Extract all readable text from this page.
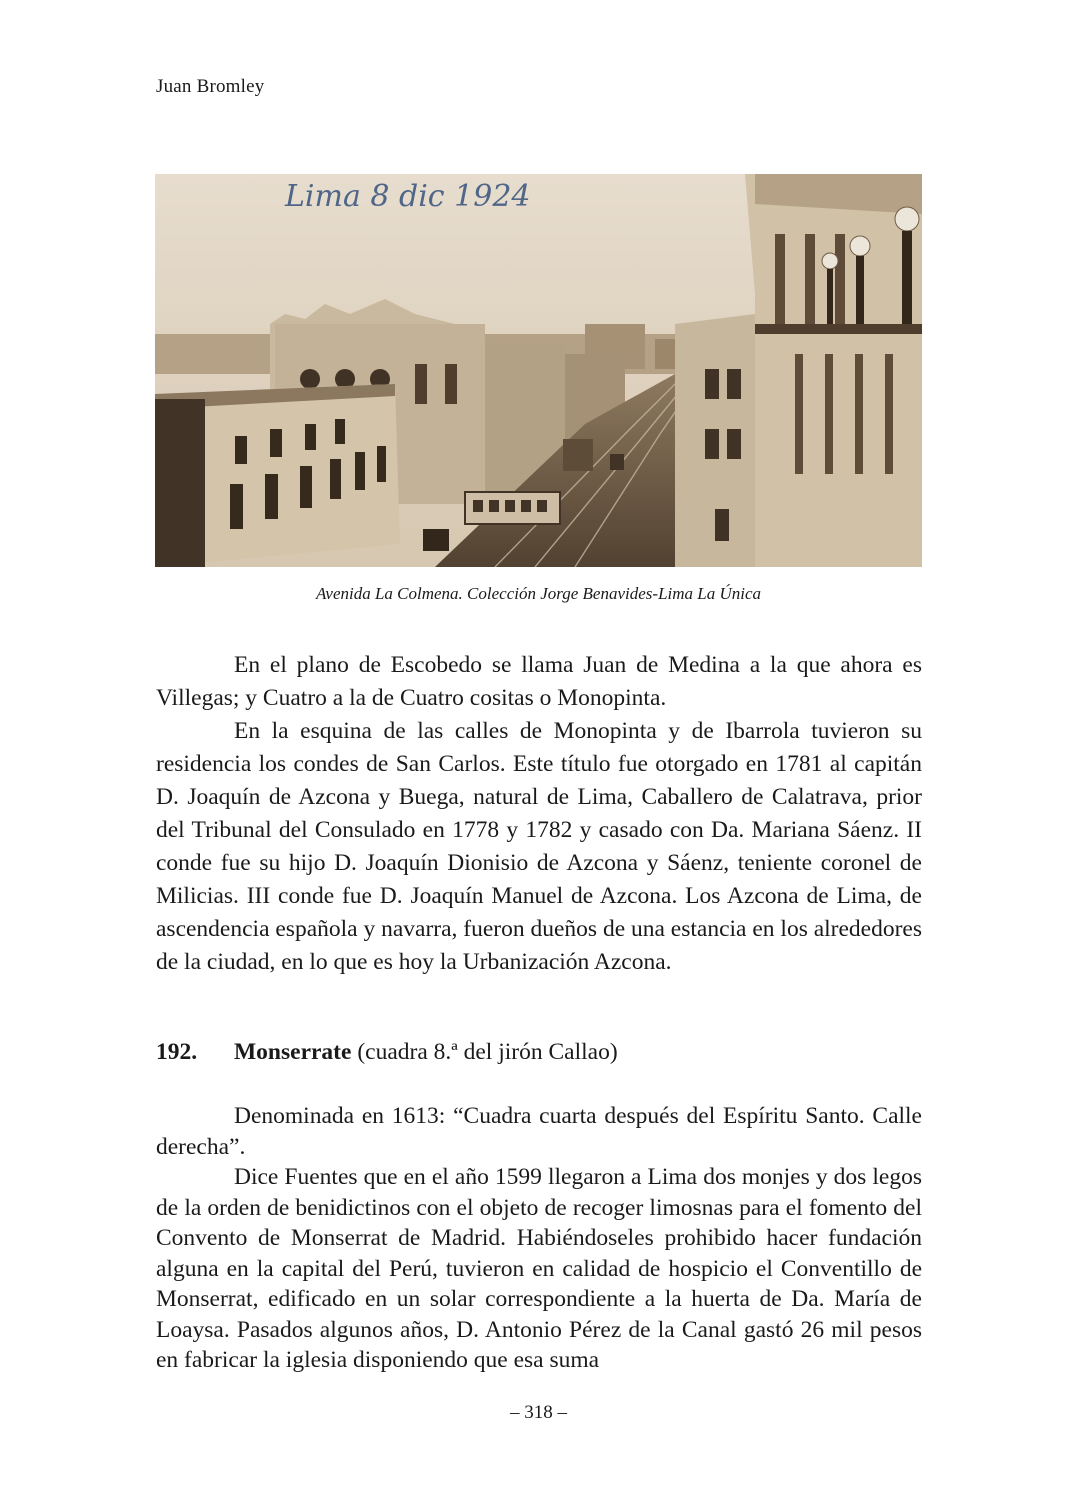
Juan Bromley
Lima 8 dic 1924
Avenida La Colmena. Colección Jorge Benavides-Lima La Única

En el plano de Escobedo se llama Juan de Medina a la que ahora es Villegas; y Cuatro a la de Cuatro cositas o Monopinta.

En la esquina de las calles de Monopinta y de Ibarrola tuvieron su residencia los condes de San Carlos. Este título fue otorgado en 1781 al capitán D. Joaquín de Azcona y Buega, natural de Lima, Caballero de Calatrava, prior del Tribunal del Consulado en 1778 y 1782 y casado con Da. Mariana Sáenz. II conde fue su hijo D. Joaquín Dionisio de Azcona y Sáenz, teniente coronel de Milicias. III conde fue D. Joaquín Manuel de Azcona. Los Azcona de Lima, de ascendencia española y navarra, fueron dueños de una estancia en los alrededores de la ciudad, en lo que es hoy la Urbanización Azcona.

192. Monserrate (cuadra 8.ª del jirón Callao)

Denominada en 1613: “Cuadra cuarta después del Espíritu Santo. Calle derecha”.

Dice Fuentes que en el año 1599 llegaron a Lima dos monjes y dos legos de la orden de benidictinos con el objeto de recoger limosnas para el fomento del Convento de Monserrat de Madrid. Habiéndoseles prohibido hacer fundación alguna en la capital del Perú, tuvieron en calidad de hospicio el Conventillo de Monserrat, edificado en un solar correspondiente a la huerta de Da. María de Loaysa. Pasados algunos años, D. Antonio Pérez de la Canal gastó 26 mil pesos en fabricar la iglesia disponiendo que esa suma

– 318 –
